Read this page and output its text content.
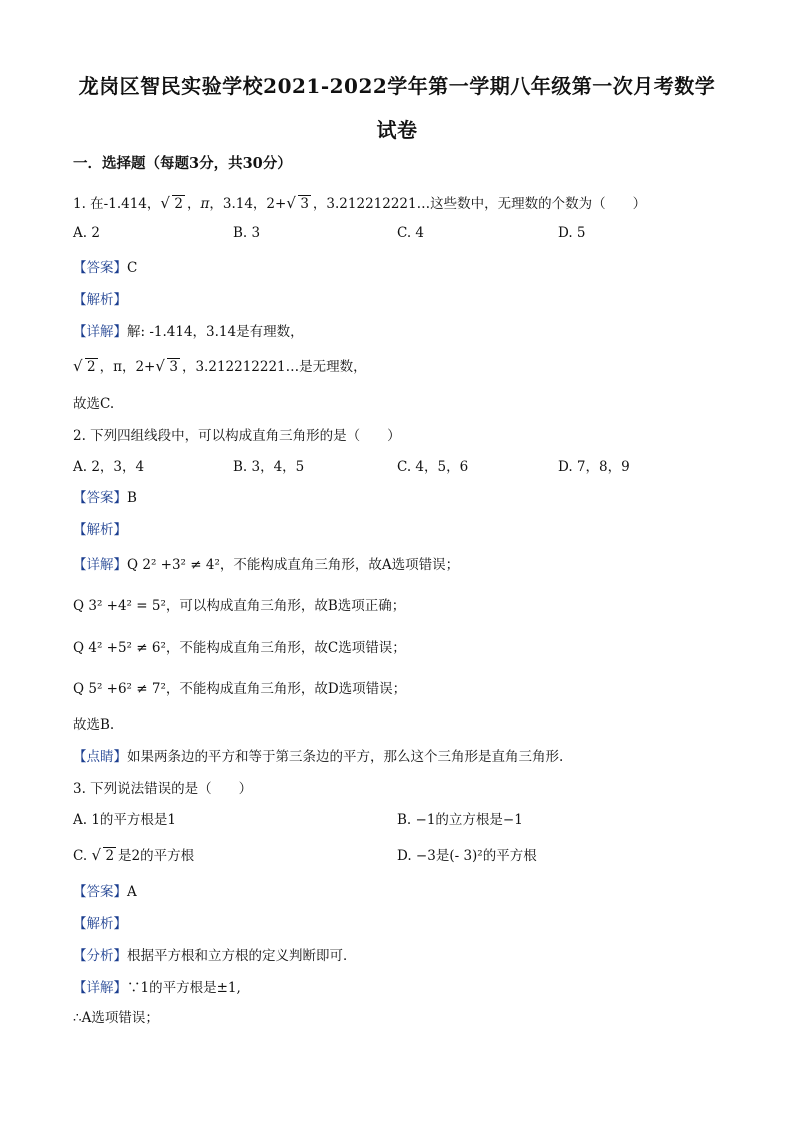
龙岗区智民实验学校2021-2022学年第一学期八年级第一次月考数学
试卷
一．选择题（每题3分，共30分）
1. 在-1.414， √ 2 ，π，3.14，2+ √ 3 ，3.212212221…这些数中，无理数的个数为（　　）
A. 2	B. 3	C. 4	D. 5
【答案】C
【解析】
【详解】解: -1.414，3.14是有理数，
√ 2 ，π，2+ √ 3 ，3.212212221…是无理数，
故选C.
2. 下列四组线段中，可以构成直角三角形的是（　　）
A. 2，3，4	B. 3，4，5	C. 4，5，6	D. 7，8，9
【答案】B
【解析】
【详解】Q 2² +3² ≠ 4²，不能构成直角三角形，故A选项错误；
Q 3² +4² = 5²，可以构成直角三角形，故B选项正确；
Q 4² +5² ≠ 6²，不能构成直角三角形，故C选项错误；
Q 5² +6² ≠ 7²，不能构成直角三角形，故D选项错误；
故选B.
【点睛】如果两条边的平方和等于第三条边的平方，那么这个三角形是直角三角形.
3. 下列说法错误的是（　　）
A. 1的平方根是1	B. −1的立方根是−1
C. √ 2 是2的平方根	D. −3是(- 3)²的平方根
【答案】A
【解析】
【分析】根据平方根和立方根的定义判断即可．
【详解】∵1的平方根是±1,
∴A选项错误；
